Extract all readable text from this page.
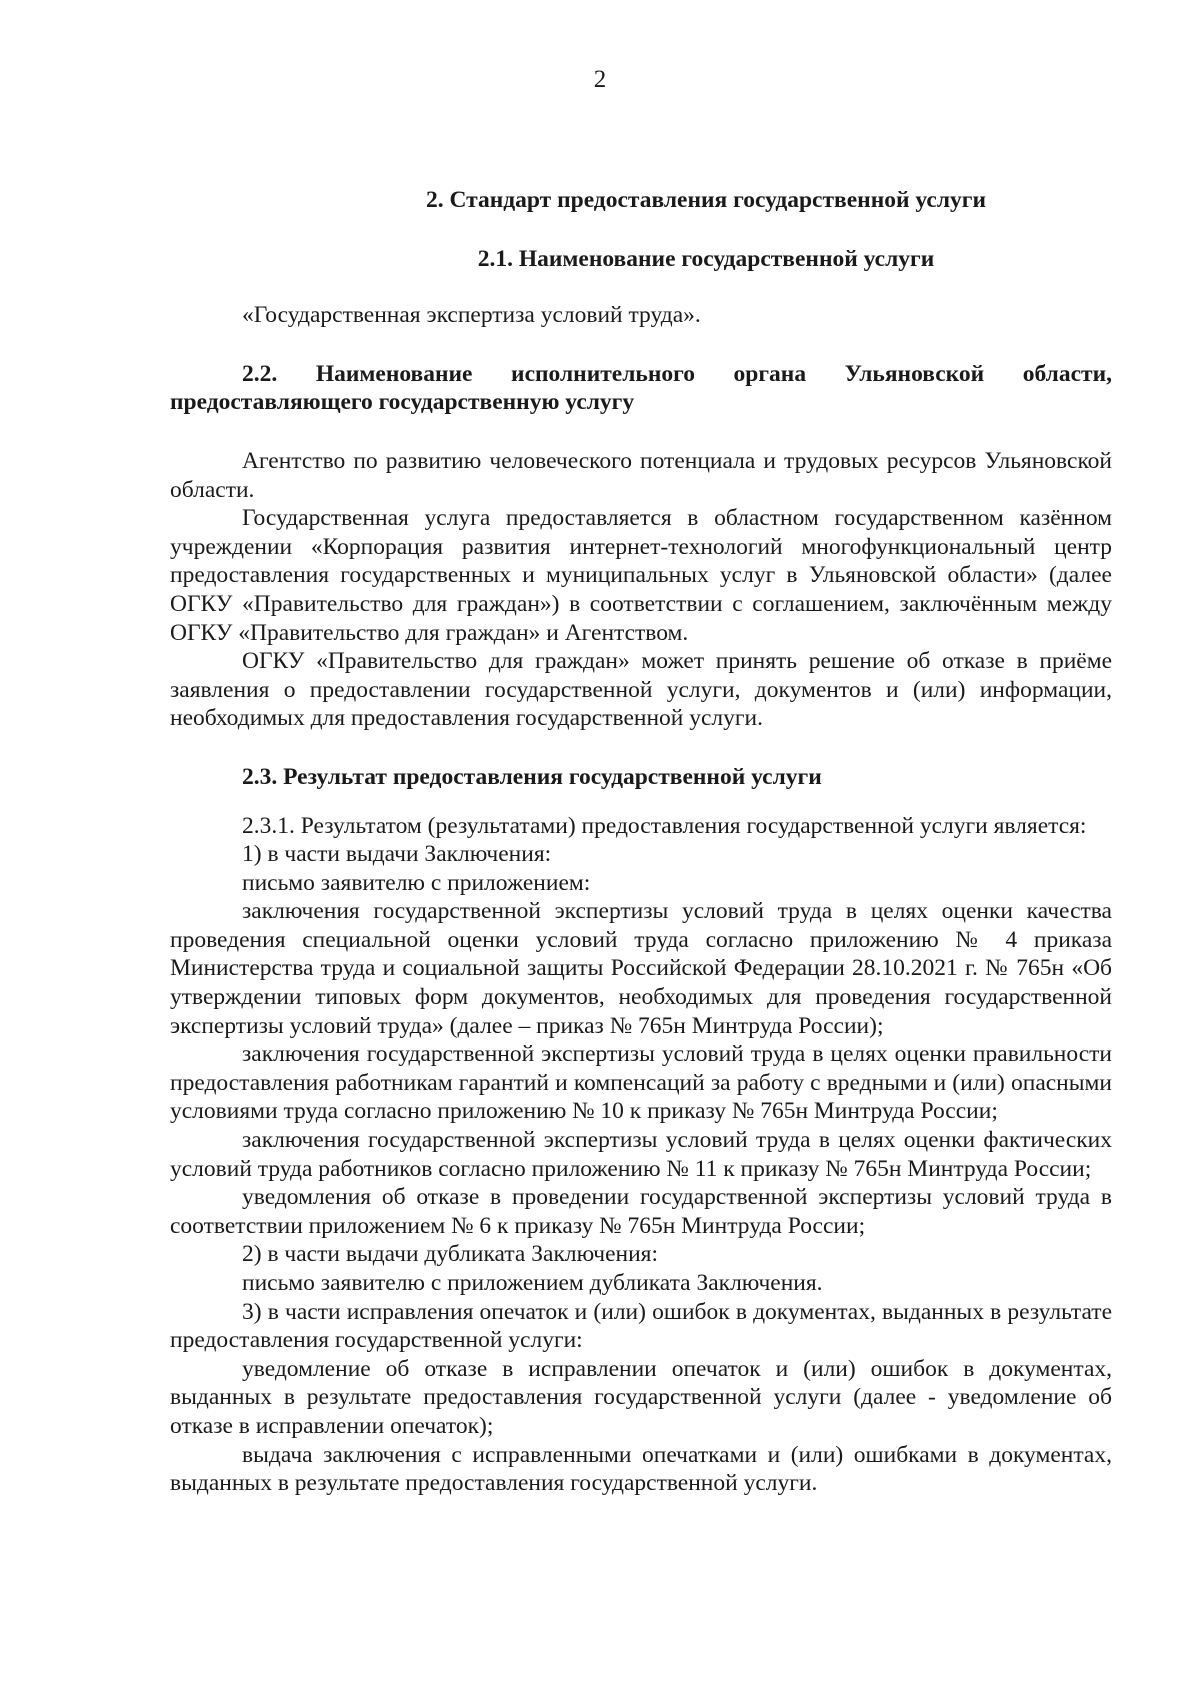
2
2. Стандарт предоставления государственной услуги
2.1. Наименование государственной услуги

«Государственная экспертиза условий труда».

2.2. Наименование исполнительного органа Ульяновской области,

предоставляющего государственную услугу

Агентство по развитию человеческого потенциала и трудовых ресурсов Ульяновской области.

Государственная услуга предоставляется в областном государственном казённом учреждении «Корпорация развития интернет-технологий многофункциональный центр предоставления государственных и муниципальных услуг в Ульяновской области» (далее ОГКУ «Правительство для граждан») в соответствии с соглашением, заключённым между ОГКУ «Правительство для граждан» и Агентством.

ОГКУ «Правительство для граждан» может принять решение об отказе в приёме заявления о предоставлении государственной услуги, документов и (или) информации, необходимых для предоставления государственной услуги.

2.3. Результат предоставления государственной услуги

2.3.1. Результатом (результатами) предоставления государственной услуги является:

1) в части выдачи Заключения:

письмо заявителю с приложением:

заключения государственной экспертизы условий труда в целях оценки качества проведения специальной оценки условий труда согласно приложению № 4 приказа Министерства труда и социальной защиты Российской Федерации 28.10.2021 г. № 765н «Об утверждении типовых форм документов, необходимых для проведения государственной экспертизы условий труда» (далее – приказ № 765н Минтруда России);

заключения государственной экспертизы условий труда в целях оценки правильности предоставления работникам гарантий и компенсаций за работу с вредными и (или) опасными условиями труда согласно приложению № 10 к приказу № 765н Минтруда России;

заключения государственной экспертизы условий труда в целях оценки фактических условий труда работников согласно приложению № 11 к приказу № 765н Минтруда России;

уведомления об отказе в проведении государственной экспертизы условий труда в соответствии приложением № 6 к приказу № 765н Минтруда России;

2) в части выдачи дубликата Заключения:

письмо заявителю с приложением дубликата Заключения.

3) в части исправления опечаток и (или) ошибок в документах, выданных в результате предоставления государственной услуги:

уведомление об отказе в исправлении опечаток и (или) ошибок в документах, выданных в результате предоставления государственной услуги (далее - уведомление об отказе в исправлении опечаток);

выдача заключения с исправленными опечатками и (или) ошибками в документах, выданных в результате предоставления государственной услуги.
